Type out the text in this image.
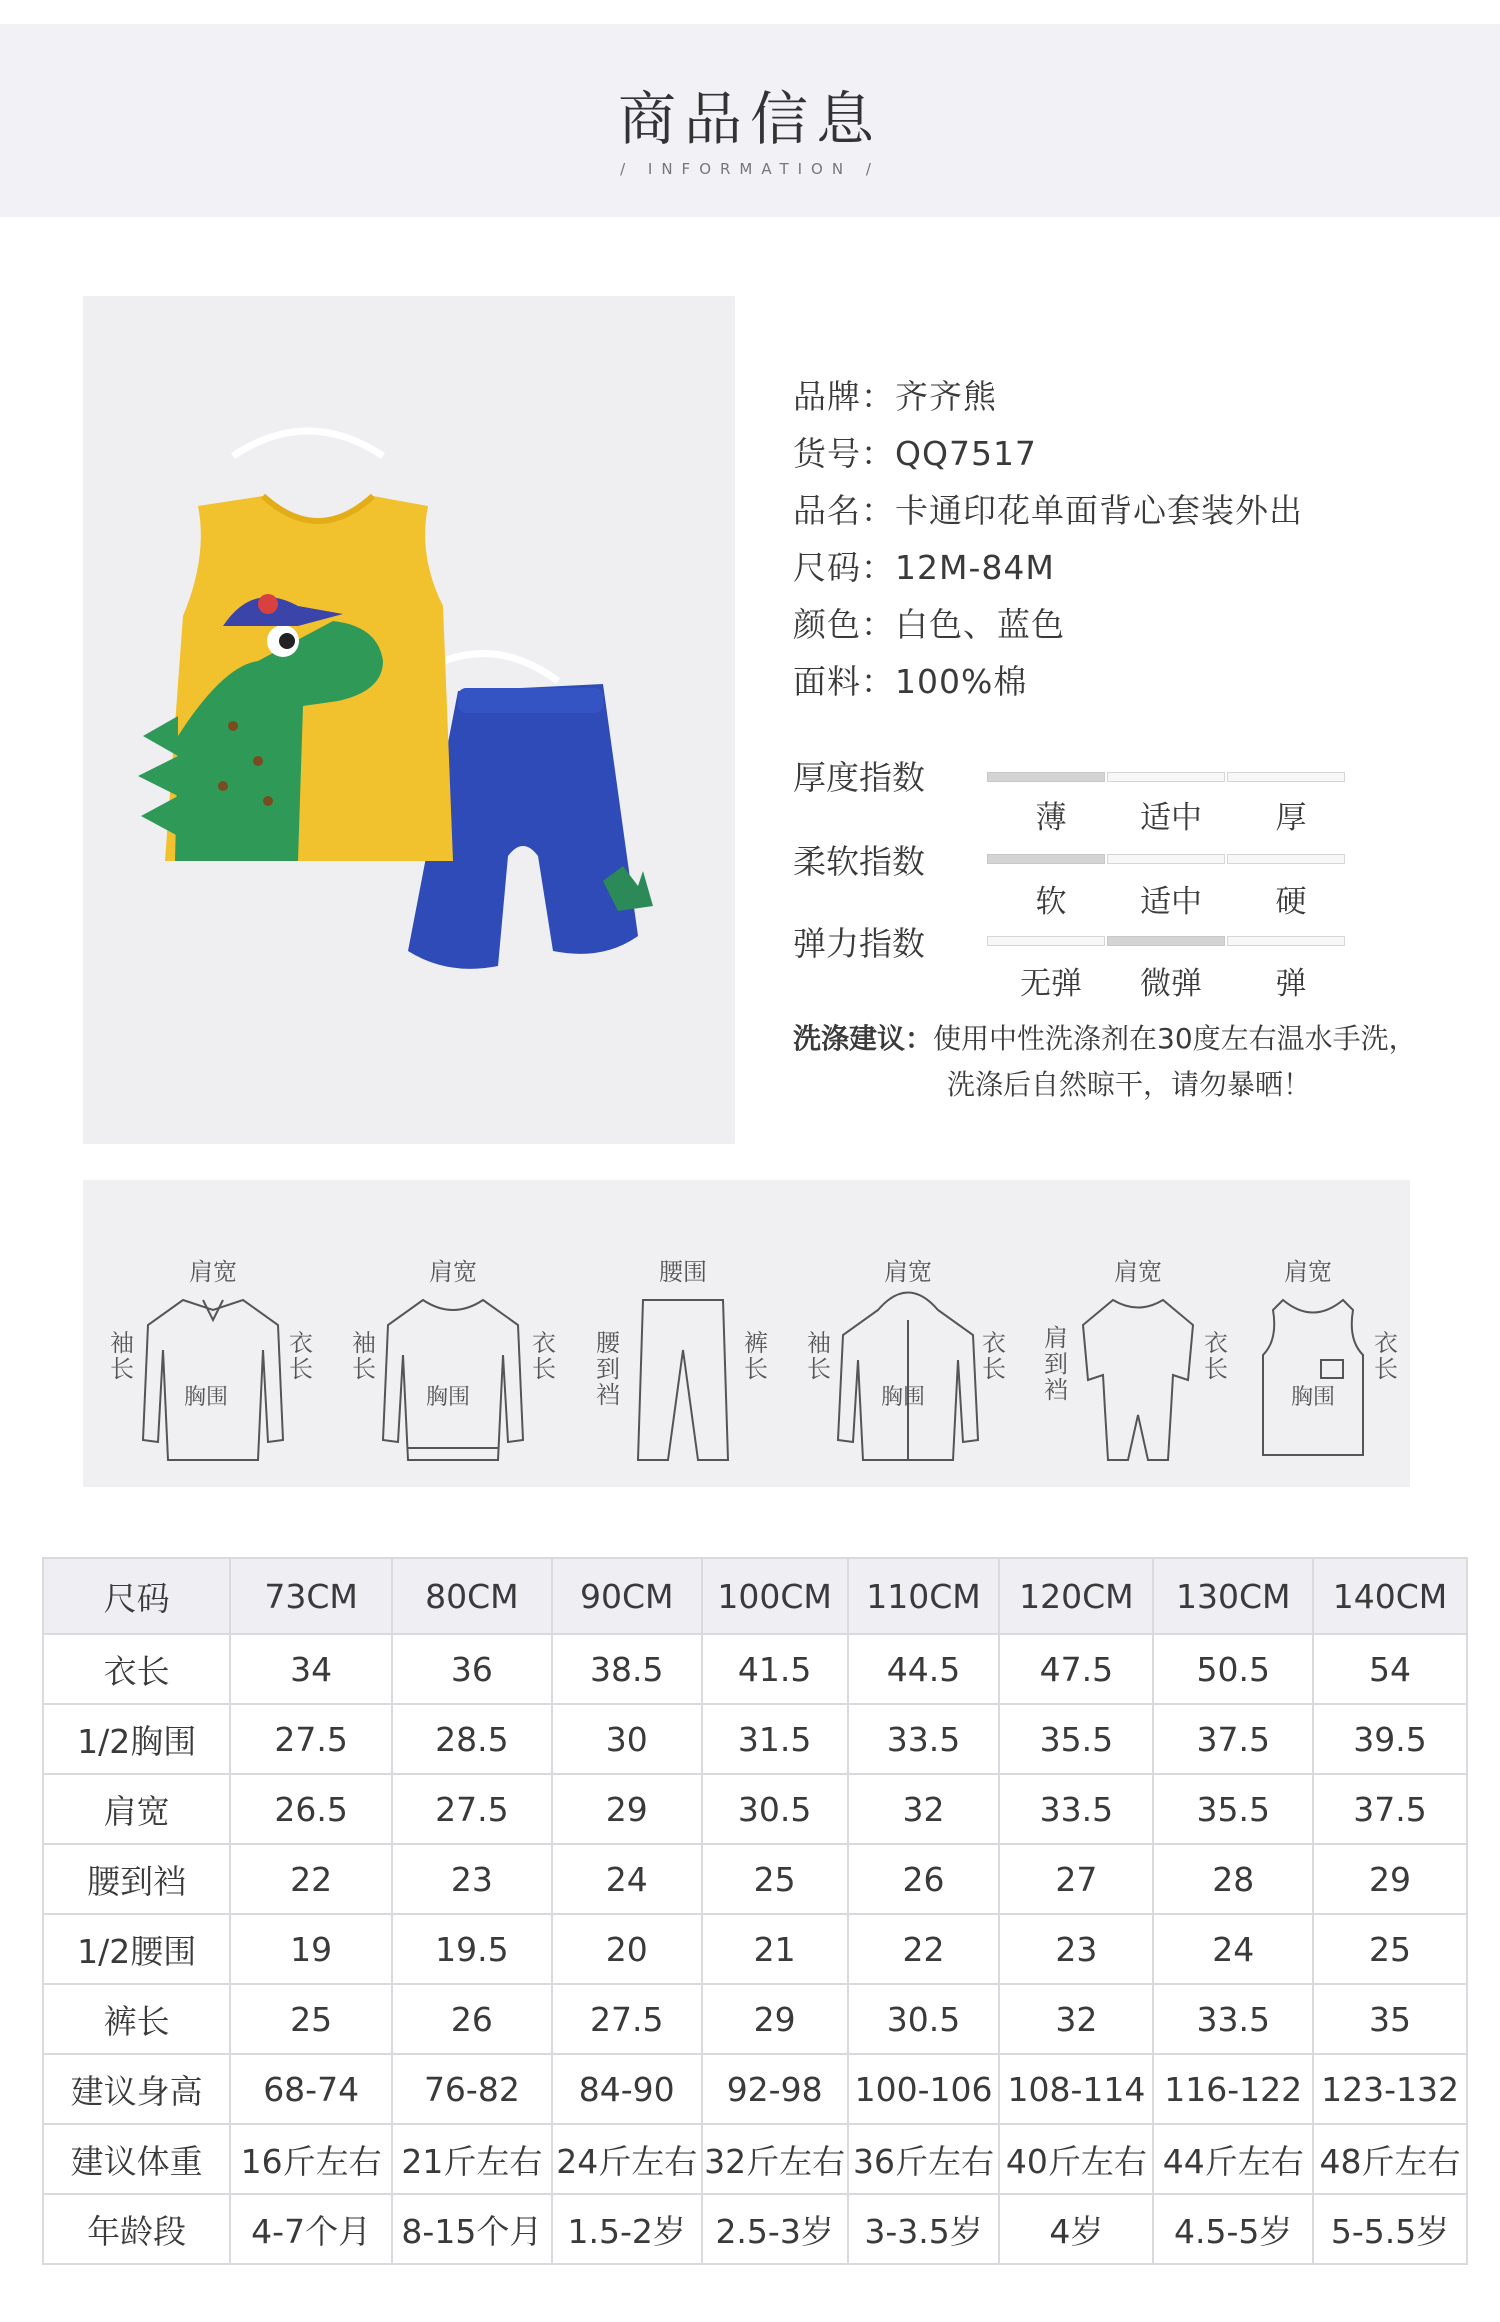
商品信息
/ INFORMATION /
品牌：齐齐熊
货号：QQ7517
品名：卡通印花单面背心套装外出
尺码：12M-84M
颜色：白色、蓝色
面料：100%棉
厚度指数
薄	适中	厚
柔软指数
软	适中	硬
弹力指数
无弹	微弹	弹
洗涤建议：使用中性洗涤剂在30度左右温水手洗，
洗涤后自然晾干，请勿暴晒！
肩宽
袖长
衣长
胸围
肩宽
袖长
衣长
胸围
腰围
腰到裆
裤长
肩宽
袖长
衣长
胸围
肩宽
肩到裆
衣长
肩宽
衣长
胸围
尺码	73CM	80CM	90CM	100CM	110CM	120CM	130CM	140CM
衣长	34	36	38.5	41.5	44.5	47.5	50.5	54
1/2胸围	27.5	28.5	30	31.5	33.5	35.5	37.5	39.5
肩宽	26.5	27.5	29	30.5	32	33.5	35.5	37.5
腰到裆	22	23	24	25	26	27	28	29
1/2腰围	19	19.5	20	21	22	23	24	25
裤长	25	26	27.5	29	30.5	32	33.5	35
建议身高	68-74	76-82	84-90	92-98	100-106	108-114	116-122	123-132
建议体重	16斤左右	21斤左右	24斤左右	32斤左右	36斤左右	40斤左右	44斤左右	48斤左右
年龄段	4-7个月	8-15个月	1.5-2岁	2.5-3岁	3-3.5岁	4岁	4.5-5岁	5-5.5岁
